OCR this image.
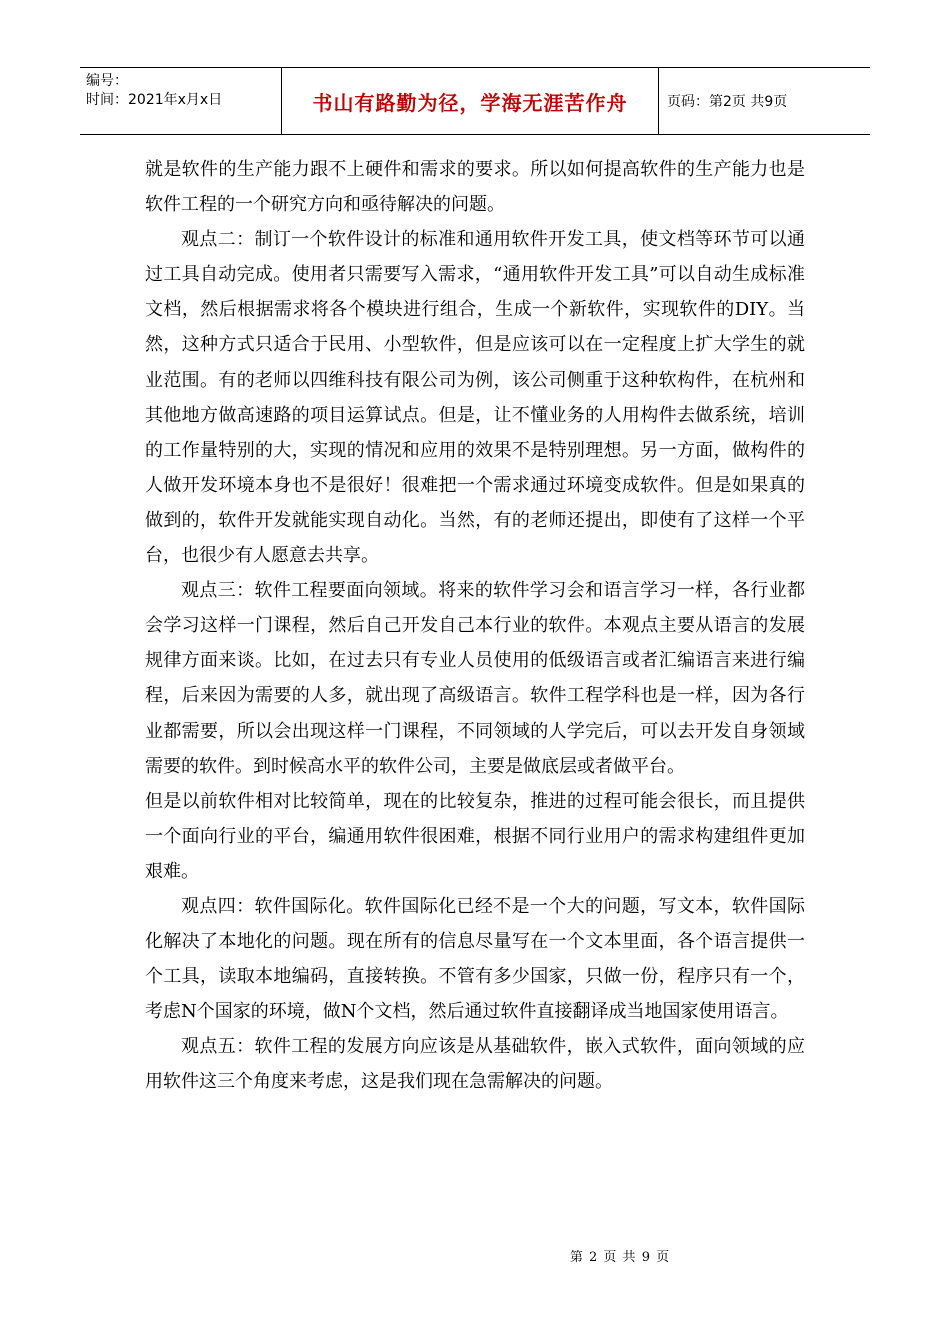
编号：
时间：2021年x月x日	书山有路勤为径，学海无涯苦作舟	页码：第2页 共9页

就是软件的生产能力跟不上硬件和需求的要求。所以如何提高软件的生产能力也是软件工程的一个研究方向和亟待解决的问题。

观点二：制订一个软件设计的标准和通用软件开发工具，使文档等环节可以通过工具自动完成。使用者只需要写入需求，“通用软件开发工具”可以自动生成标准文档，然后根据需求将各个模块进行组合，生成一个新软件，实现软件的DIY。当然，这种方式只适合于民用、小型软件，但是应该可以在一定程度上扩大学生的就业范围。有的老师以四维科技有限公司为例，该公司侧重于这种软构件，在杭州和其他地方做高速路的项目运算试点。但是，让不懂业务的人用构件去做系统，培训的工作量特别的大，实现的情况和应用的效果不是特别理想。另一方面，做构件的人做开发环境本身也不是很好！很难把一个需求通过环境变成软件。但是如果真的做到的，软件开发就能实现自动化。当然，有的老师还提出，即使有了这样一个平台，也很少有人愿意去共享。

观点三：软件工程要面向领域。将来的软件学习会和语言学习一样，各行业都会学习这样一门课程，然后自己开发自己本行业的软件。本观点主要从语言的发展规律方面来谈。比如，在过去只有专业人员使用的低级语言或者汇编语言来进行编程，后来因为需要的人多，就出现了高级语言。软件工程学科也是一样，因为各行业都需要，所以会出现这样一门课程，不同领域的人学完后，可以去开发自身领域需要的软件。到时候高水平的软件公司，主要是做底层或者做平台。

但是以前软件相对比较简单，现在的比较复杂，推进的过程可能会很长，而且提供一个面向行业的平台，编通用软件很困难，根据不同行业用户的需求构建组件更加艰难。

观点四：软件国际化。软件国际化已经不是一个大的问题，写文本，软件国际化解决了本地化的问题。现在所有的信息尽量写在一个文本里面，各个语言提供一个工具，读取本地编码，直接转换。不管有多少国家，只做一份，程序只有一个，考虑N个国家的环境，做N个文档，然后通过软件直接翻译成当地国家使用语言。

观点五：软件工程的发展方向应该是从基础软件，嵌入式软件，面向领域的应用软件这三个角度来考虑，这是我们现在急需解决的问题。

第 2 页 共 9 页
